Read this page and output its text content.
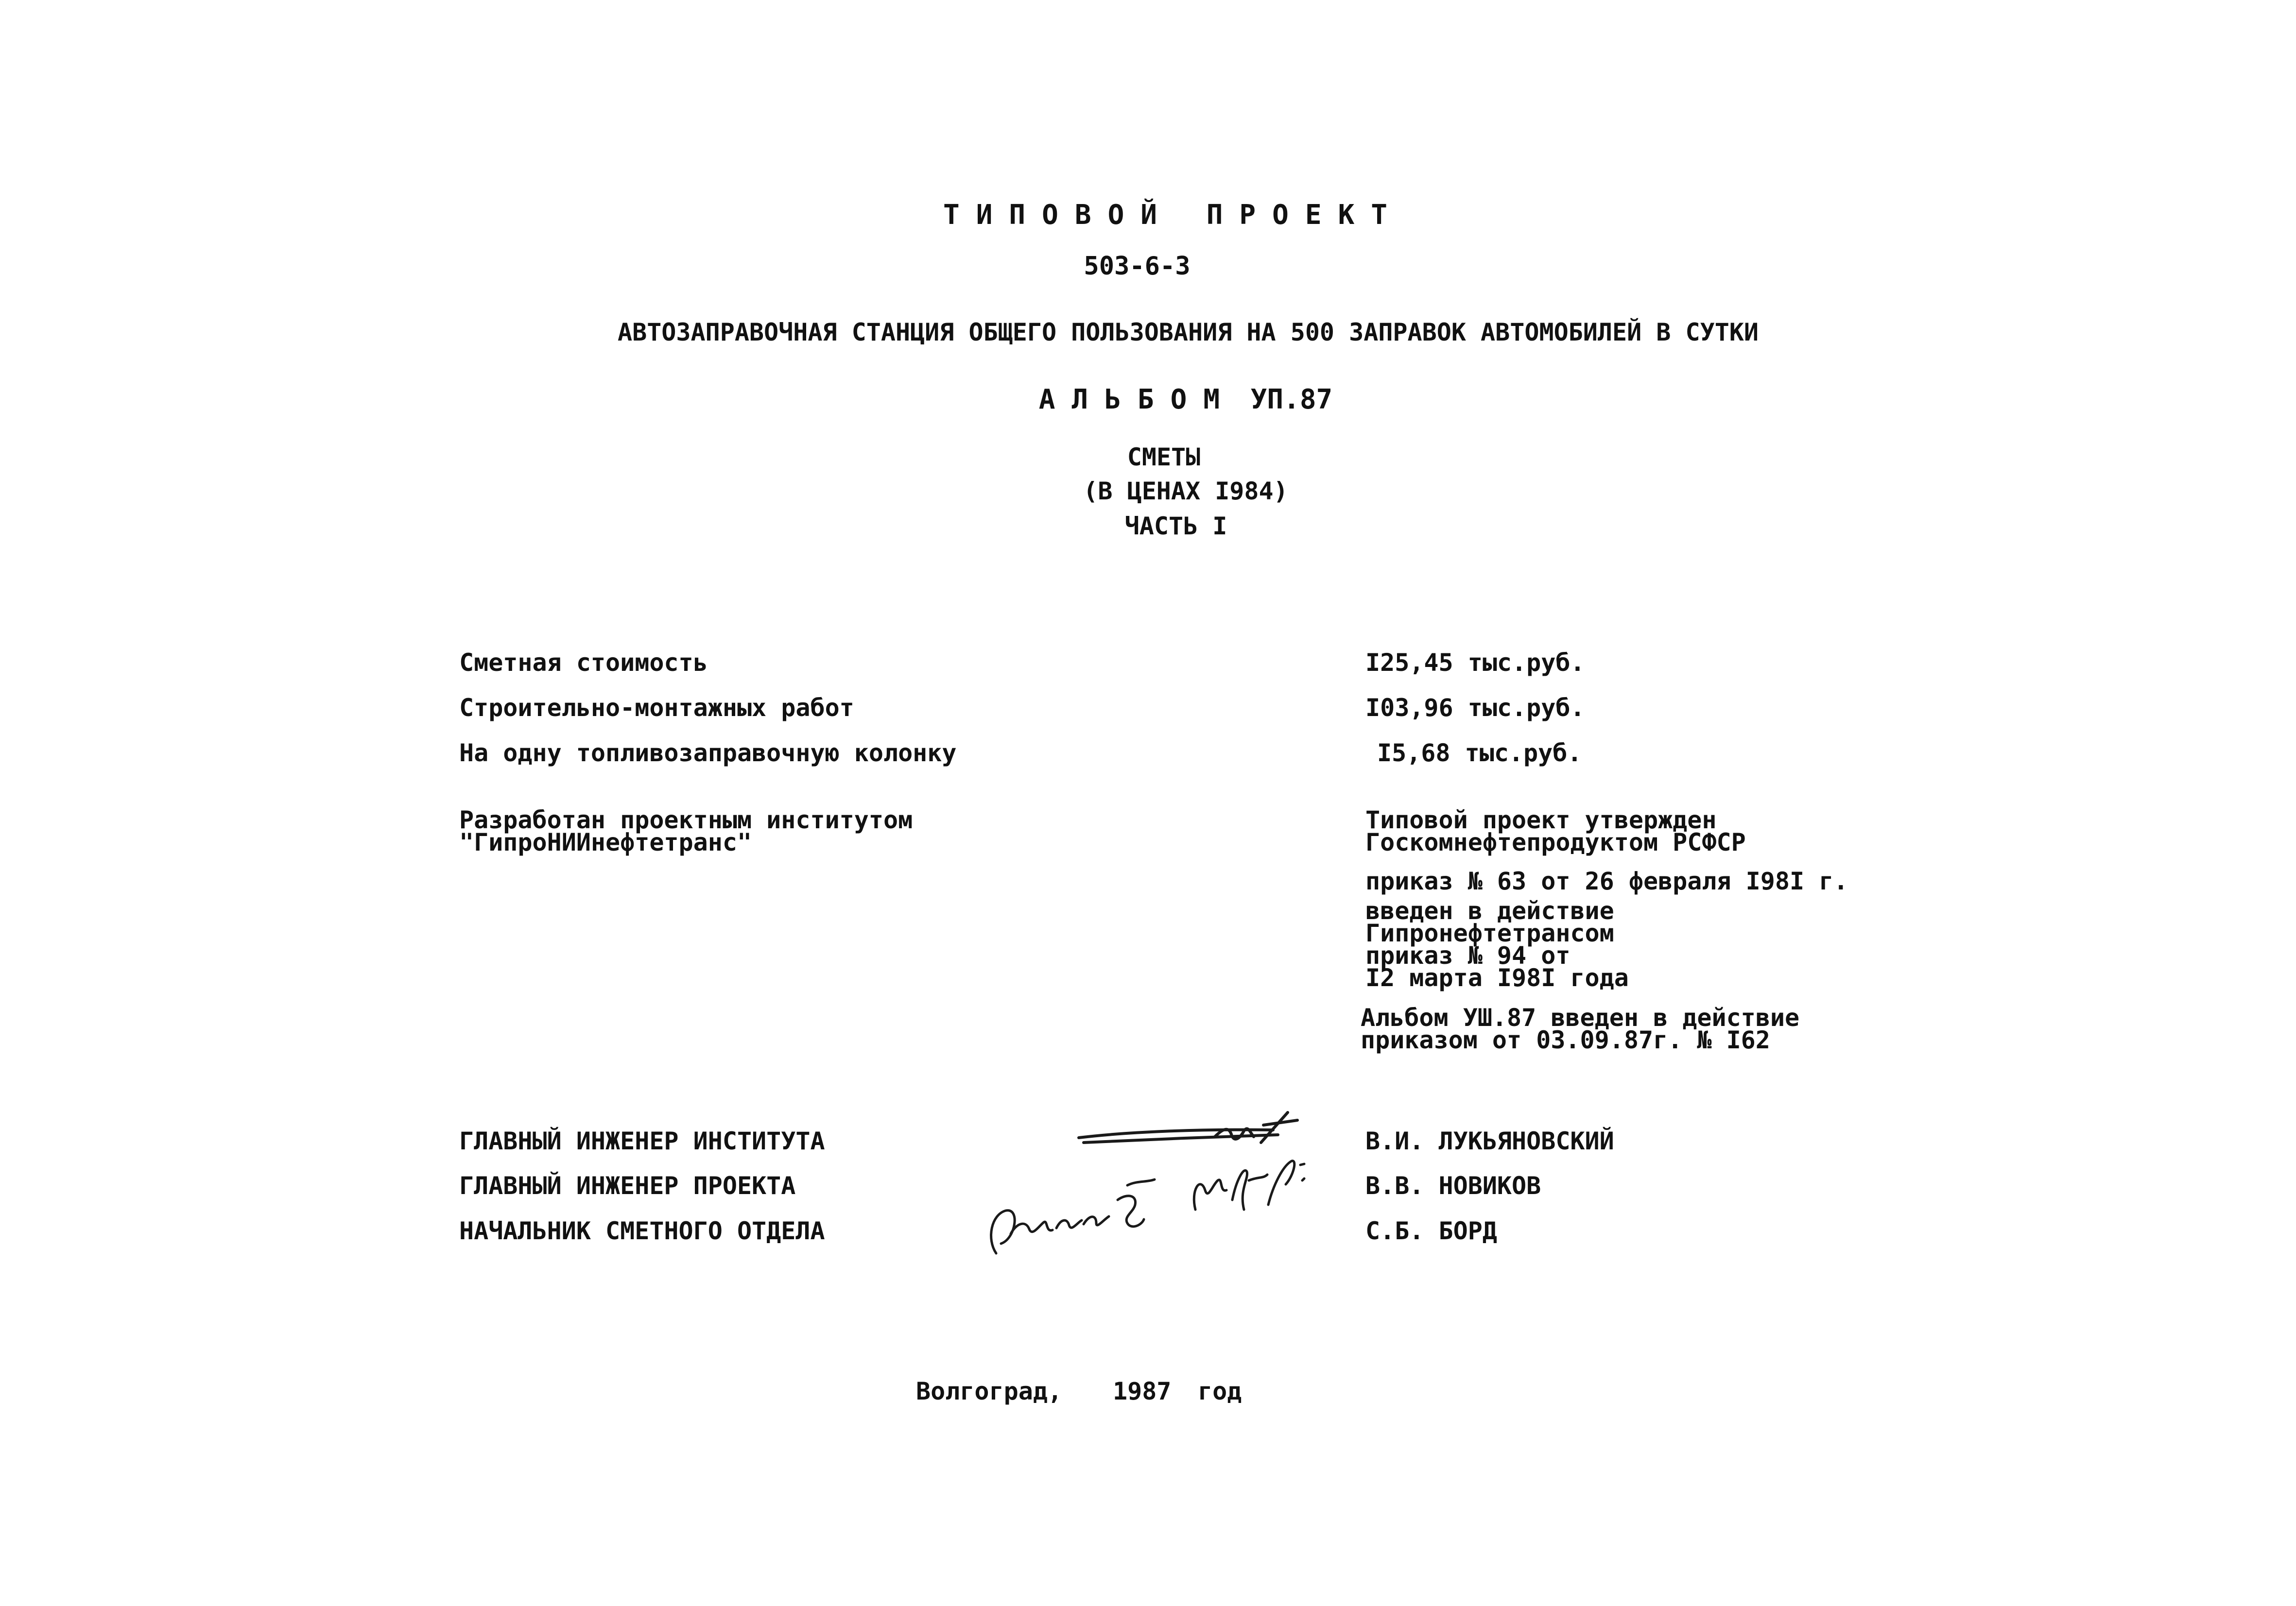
ТИПОВОЙ ПРОЕКТ
503-6-3
АВТОЗАПРАВОЧНАЯ СТАНЦИЯ ОБЩЕГО ПОЛЬЗОВАНИЯ НА 500 ЗАПРАВОК АВТОМОБИЛЕЙ В СУТКИ
АЛЬБОМ УП.87
СМЕТЫ
(В ЦЕНАХ I984)
ЧАСТЬ I
Сметная стоимость	I25,45 тыс.руб.
Строительно-монтажных работ	I03,96 тыс.руб.
На одну топливозаправочную колонку	I5,68 тыс.руб.
Разработан проектным институтом
"ГипроНИИнефтетранс"
Типовой проект утвержден
Госкомнефтепродуктом РСФСР
приказ № 63 от 26 февраля I98I г.
введен в действие
Гипронефтетрансом
приказ № 94 от
I2 марта I98I года
Альбом УШ.87 введен в действие
приказом от 03.09.87г. № I62
ГЛАВНЫЙ ИНЖЕНЕР ИНСТИТУТА	В.И. ЛУКЬЯНОВСКИЙ
ГЛАВНЫЙ ИНЖЕНЕР ПРОЕКТА	В.В. НОВИКОВ
НАЧАЛЬНИК СМЕТНОГО ОТДЕЛА	С.Б. БОРД
Волгоград, 1987 год
